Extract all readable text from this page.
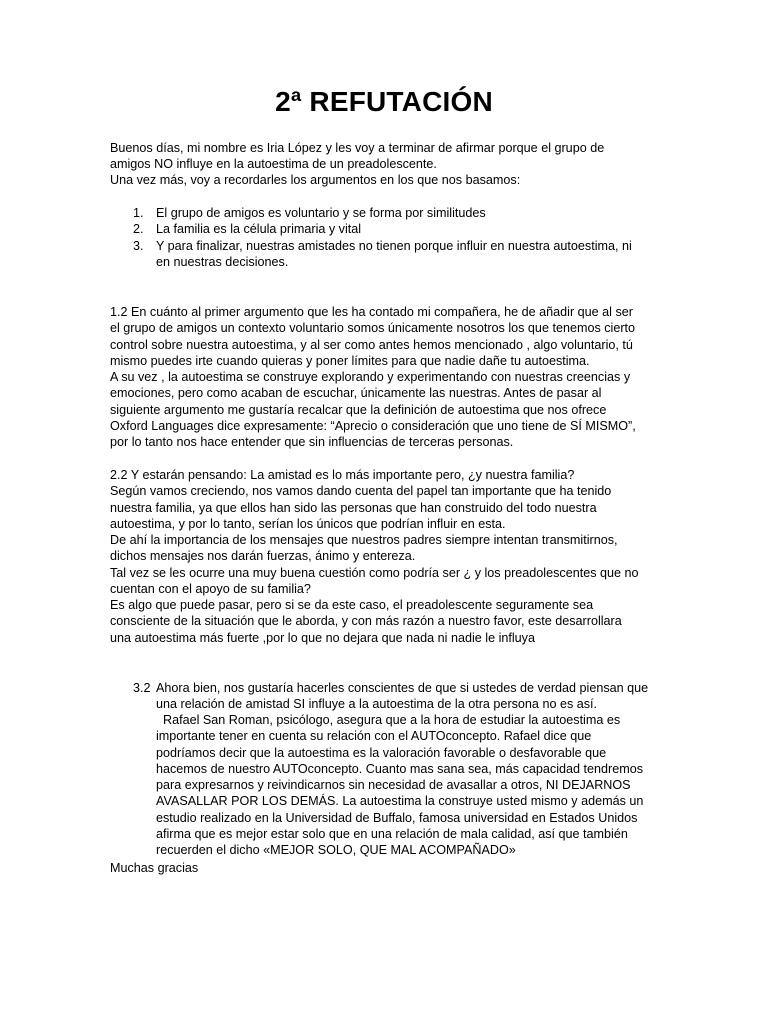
2ª REFUTACIÓN
Buenos días, mi nombre es Iria López y les voy a terminar de afirmar porque el grupo de
amigos NO influye en la autoestima de un preadolescente.
Una vez más, voy a recordarles los argumentos en los que nos basamos:
1. El grupo de amigos es voluntario y se forma por similitudes
2. La familia es la célula primaria y vital
3. Y para finalizar, nuestras amistades no tienen porque influir en nuestra autoestima, ni
en nuestras decisiones.
1.2 En cuánto al primer argumento que les ha contado mi compañera, he de añadir que al ser
el grupo de amigos un contexto voluntario somos únicamente nosotros los que tenemos cierto
control sobre nuestra autoestima, y al ser como antes hemos mencionado , algo voluntario, tú
mismo puedes irte cuando quieras y poner límites para que nadie dañe tu autoestima.
A su vez , la autoestima se construye explorando y experimentando con nuestras creencias y
emociones, pero como acaban de escuchar, únicamente las nuestras. Antes de pasar al
siguiente argumento me gustaría recalcar que la definición de autoestima que nos ofrece
Oxford Languages dice expresamente: “Aprecio o consideración que uno tiene de SÍ MISMO”,
por lo tanto nos hace entender que sin influencias de terceras personas.
2.2 Y estarán pensando: La amistad es lo más importante pero, ¿y nuestra familia?
Según vamos creciendo, nos vamos dando cuenta del papel tan importante que ha tenido
nuestra familia, ya que ellos han sido las personas que han construido del todo nuestra
autoestima, y por lo tanto, serían los únicos que podrían influir en esta.
De ahí la importancia de los mensajes que nuestros padres siempre intentan transmitirnos,
dichos mensajes nos darán fuerzas, ánimo y entereza.
Tal vez se les ocurre una muy buena cuestión como podría ser ¿ y los preadolescentes que no
cuentan con el apoyo de su familia?
Es algo que puede pasar, pero si se da este caso, el preadolescente seguramente sea
consciente de la situación que le aborda, y con más razón a nuestro favor, este desarrollara
una autoestima más fuerte ,por lo que no dejara que nada ni nadie le influya
3.2 Ahora bien, nos gustaría hacerles conscientes de que si ustedes de verdad piensan que
una relación de amistad SI influye a la autoestima de la otra persona no es así.
Rafael San Roman, psicólogo, asegura que a la hora de estudiar la autoestima es
importante tener en cuenta su relación con el AUTOconcepto. Rafael dice que
podríamos decir que la autoestima es la valoración favorable o desfavorable que
hacemos de nuestro AUTOconcepto. Cuanto mas sana sea, más capacidad tendremos
para expresarnos y reivindicarnos sin necesidad de avasallar a otros, NI DEJARNOS
AVASALLAR POR LOS DEMÁS. La autoestima la construye usted mismo y además un
estudio realizado en la Universidad de Buffalo, famosa universidad en Estados Unidos
afirma que es mejor estar solo que en una relación de mala calidad, así que también
recuerden el dicho «MEJOR SOLO, QUE MAL ACOMPAÑADO»
Muchas gracias
